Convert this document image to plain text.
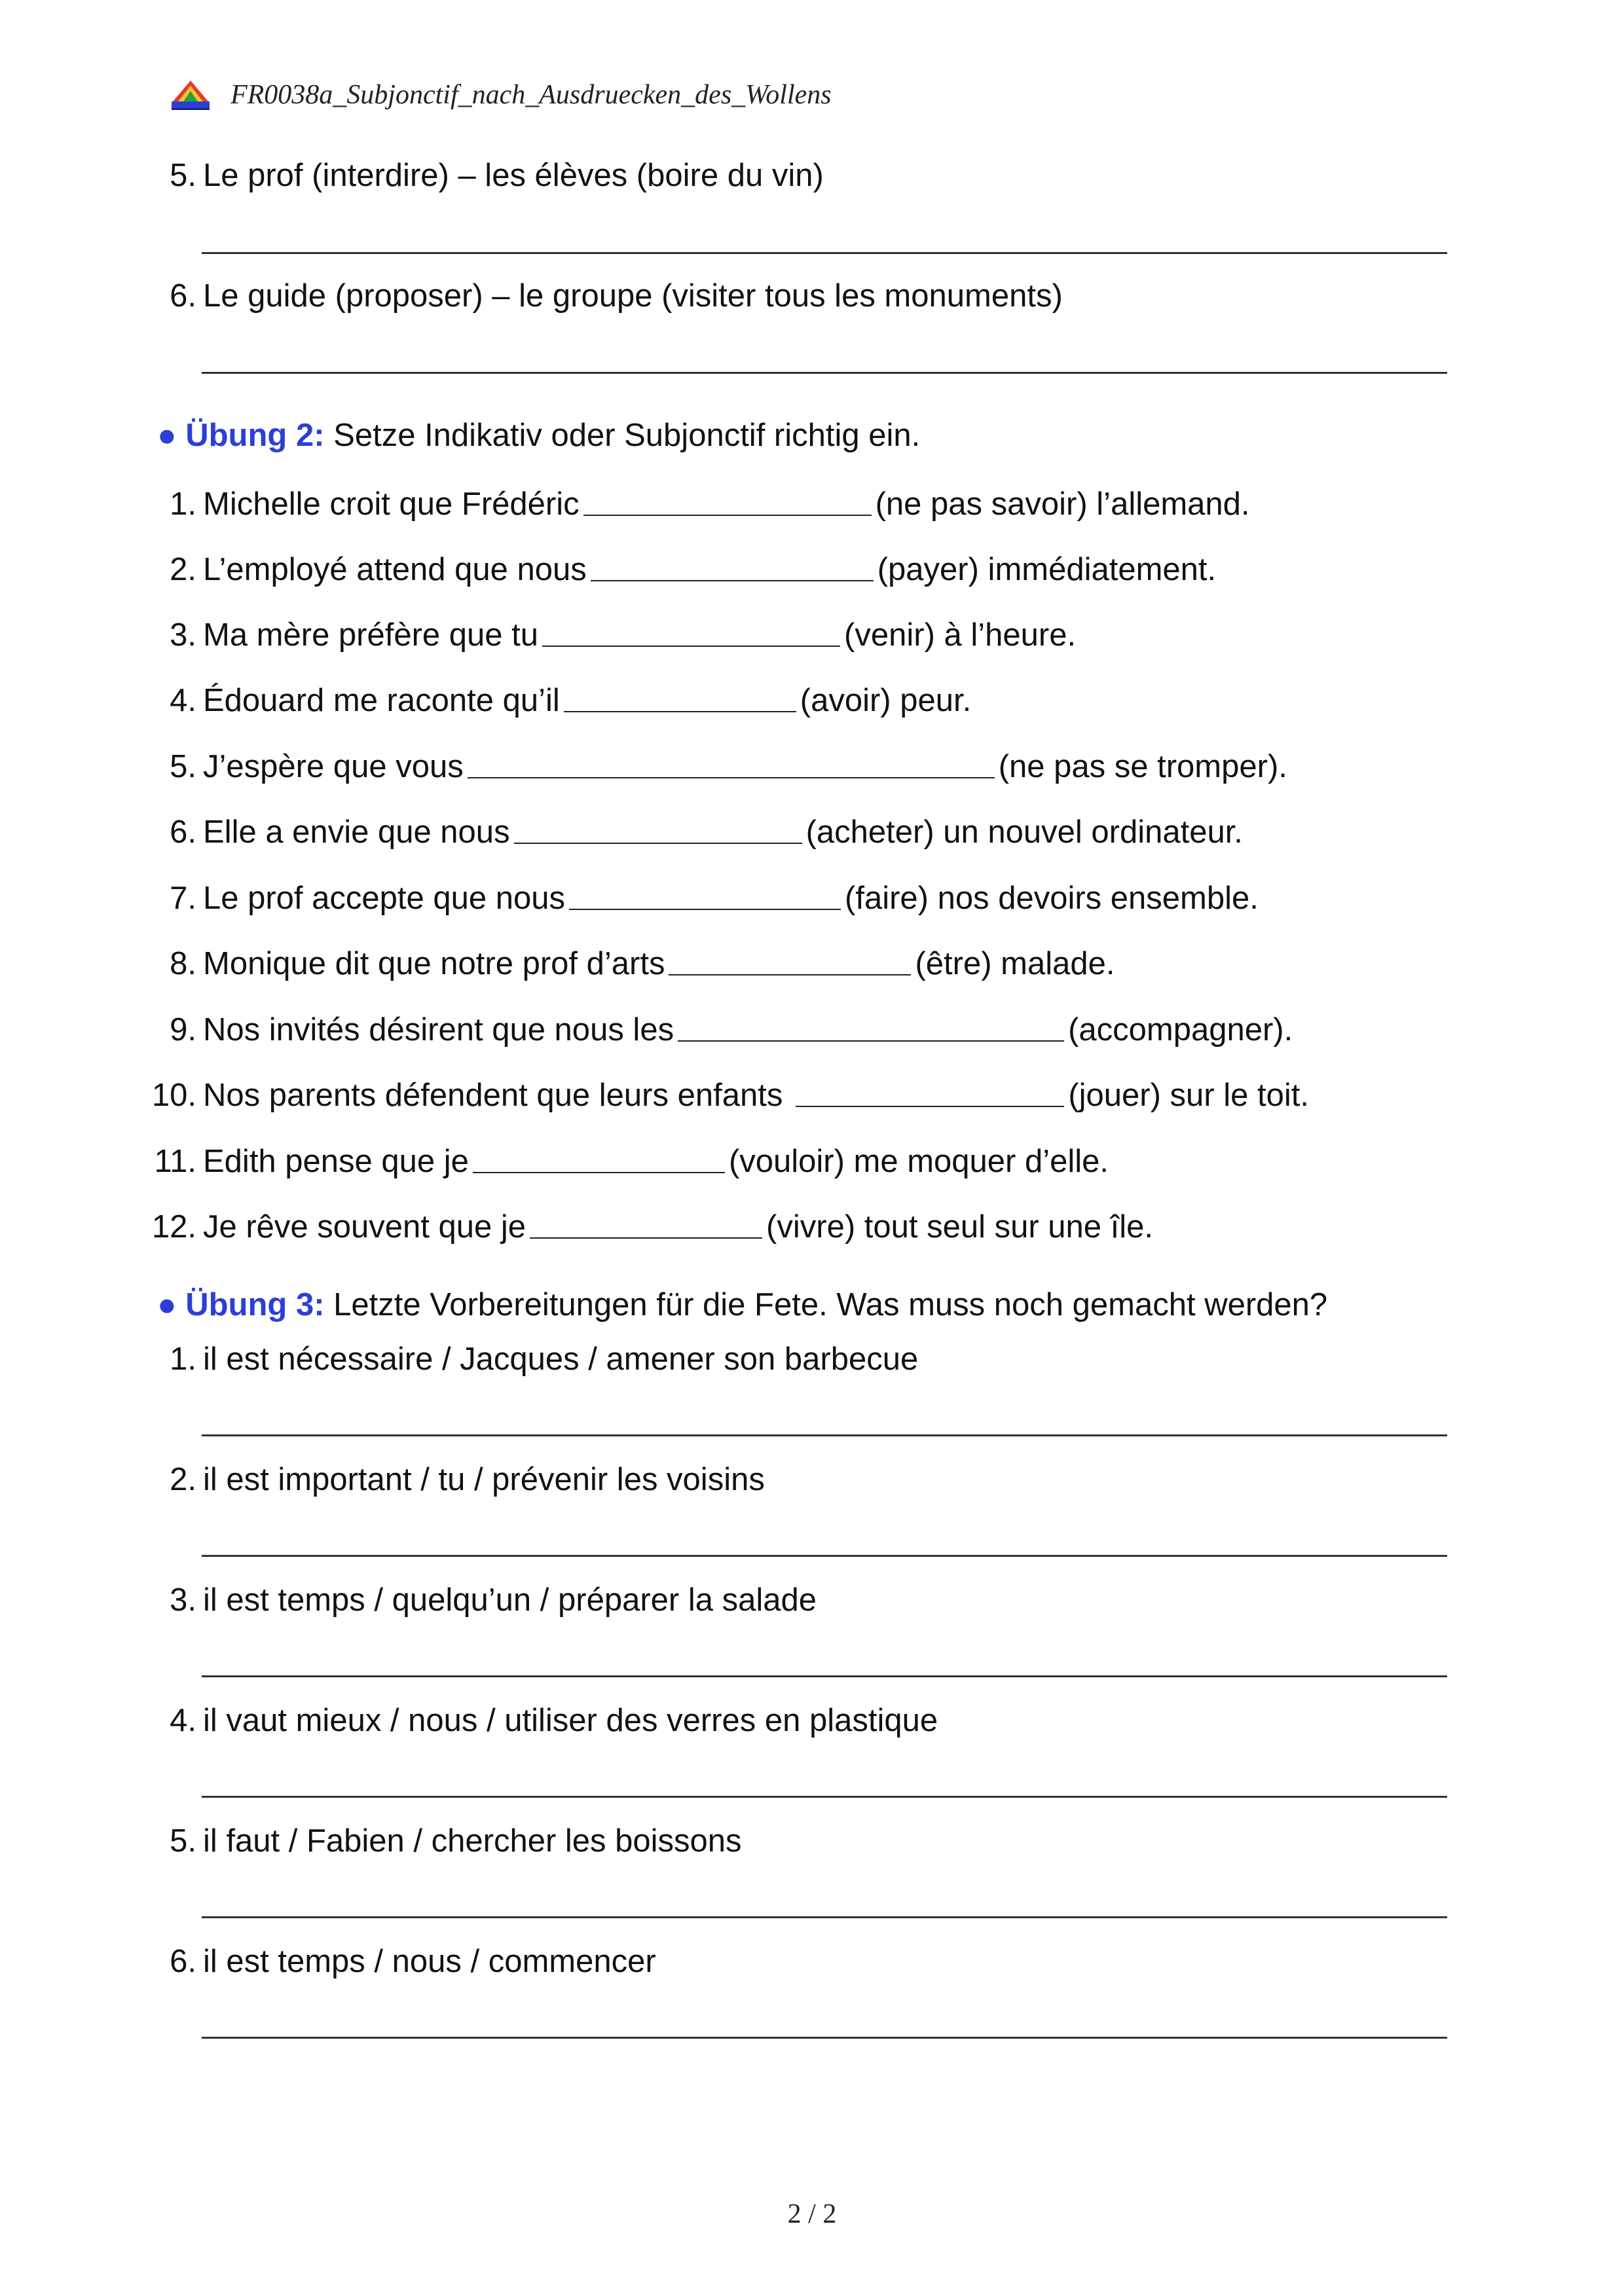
FR0038a_Subjonctif_nach_Ausdruecken_des_Wollens
5. Le prof (interdire) – les élèves (boire du vin)
6. Le guide (proposer) – le groupe (visiter tous les monuments)
● Übung 2: Setze Indikativ oder Subjonctif richtig ein.
1. Michelle croit que Frédéric	(ne pas savoir) l’allemand.
2. L’employé attend que nous	(payer) immédiatement.
3. Ma mère préfère que tu	(venir) à l’heure.
4. Édouard me raconte qu’il	(avoir) peur.
5. J’espère que vous	(ne pas se tromper).
6. Elle a envie que nous	(acheter) un nouvel ordinateur.
7. Le prof accepte que nous	(faire) nos devoirs ensemble.
8. Monique dit que notre prof d’arts	(être) malade.
9. Nos invités désirent que nous les	(accompagner).
10. Nos parents défendent que leurs enfants	(jouer) sur le toit.
11. Edith pense que je	(vouloir) me moquer d’elle.
12. Je rêve souvent que je	(vivre) tout seul sur une île.
● Übung 3: Letzte Vorbereitungen für die Fete. Was muss noch gemacht werden?
1. il est nécessaire / Jacques / amener son barbecue
2. il est important / tu / prévenir les voisins
3. il est temps / quelqu’un / préparer la salade
4. il vaut mieux / nous / utiliser des verres en plastique
5. il faut / Fabien / chercher les boissons
6. il est temps / nous / commencer
2 / 2
